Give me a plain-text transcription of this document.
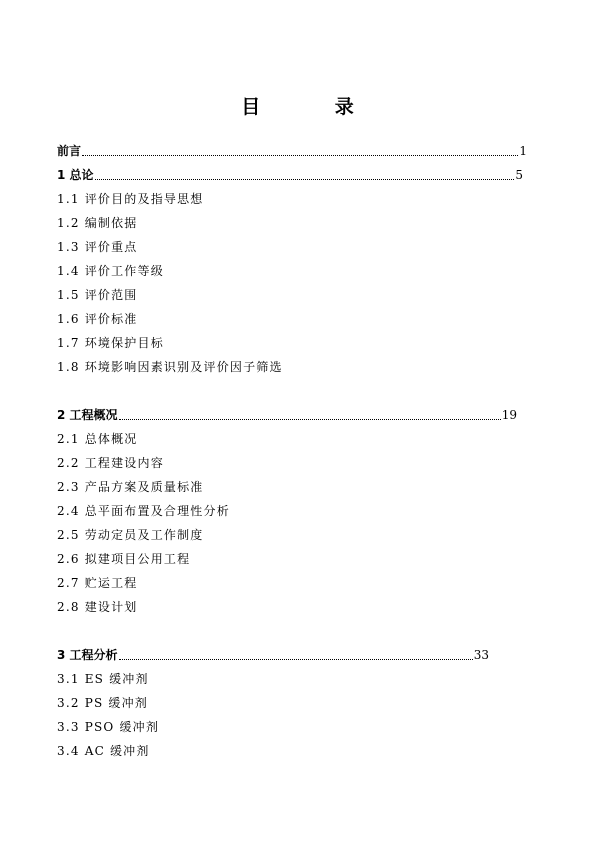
目 录
前言	1
1 总论	5
1.1 评价目的及指导思想
1.2 编制依据
1.3 评价重点
1.4 评价工作等级
1.5 评价范围
1.6 评价标准
1.7 环境保护目标
1.8 环境影响因素识别及评价因子筛选
2 工程概况	19
2.1 总体概况
2.2 工程建设内容
2.3 产品方案及质量标准
2.4 总平面布置及合理性分析
2.5 劳动定员及工作制度
2.6 拟建项目公用工程
2.7 贮运工程
2.8 建设计划
3 工程分析	33
3.1 ES 缓冲剂
3.2 PS 缓冲剂
3.3 PSO 缓冲剂
3.4 AC 缓冲剂
